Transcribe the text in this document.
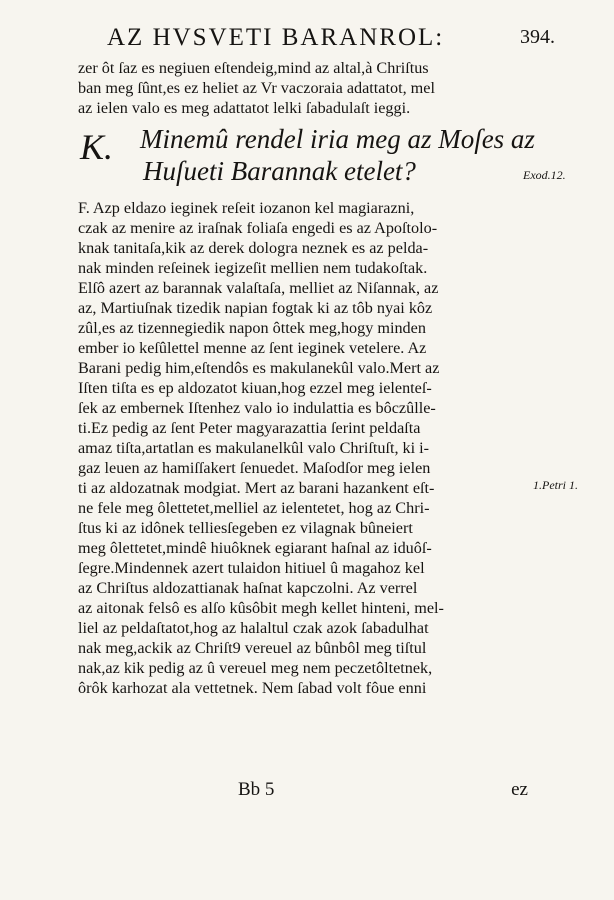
AZ HVSVETI BARANROL:	394.
zer ôt ſaz es negiuen eſtendeig,mind az altal,à Chriſtus
ban meg ſûnt,es ez heliet az Vr vaczoraia adattatot, mel
az ielen valo es meg adattatot lelki ſabadulaſt ieggi.
K. Minemû rendel iria meg az Moſes az
Huſueti Barannak etelet?	Exod.12.
F. Azp eldazo ieginek reſeit iozanon kel magiarazni,
czak az menire az iraſnak foliaſa engedi es az Apoſtolo-
knak tanitaſa,kik az derek dologra neznek es az pelda-
nak minden reſeinek iegizeſit mellien nem tudakoſtak.
Elſô azert az barannak valaſtaſa, melliet az Niſannak, az
az, Martiuſnak tizedik napian fogtak ki az tôb nyai kôz
zûl,es az tizennegiedik napon ôttek meg,hogy minden
ember io keſûlettel menne az ſent ieginek vetelere. Az
Barani pedig him,eſtendôs es makulanekûl valo.Mert az
Iſten tiſta es ep aldozatot kiuan,hog ezzel meg ielenteſ-
ſek az embernek Iſtenhez valo io indulattia es bôczûlle-
ti.Ez pedig az ſent Peter magyarazattia ſerint peldaſta
amaz tiſta,artatlan es makulanelkûl valo Chriſtuſt, ki i-
gaz leuen az hamiſſakert ſenuedet. Maſodſor meg ielen
ti az aldozatnak modgiat. Mert az barani hazankent eſt-
ne fele meg ôlettetet,melliel az ielentetet, hog az Chri-
ſtus ki az idônek telliesſegeben ez vilagnak bûneiert
meg ôlettetet,mindê hiuôknek egiarant haſnal az iduôſ-
ſegre.Mindennek azert tulaidon hitiuel û magahoz kel
az Chriſtus aldozattianak haſnat kapczolni. Az verrel
az aitonak felsô es alſo kûsôbit megh kellet hinteni, mel-
liel az peldaſtatot,hog az halaltul czak azok ſabadulhat
nak meg,ackik az Chriſt9 vereuel az bûnbôl meg tiſtul
nak,az kik pedig az û vereuel meg nem peczetôltetnek,
ôrôk karhozat ala vettetnek. Nem ſabad volt fôue enni
1.Petri 1.
Bb 5	ez
